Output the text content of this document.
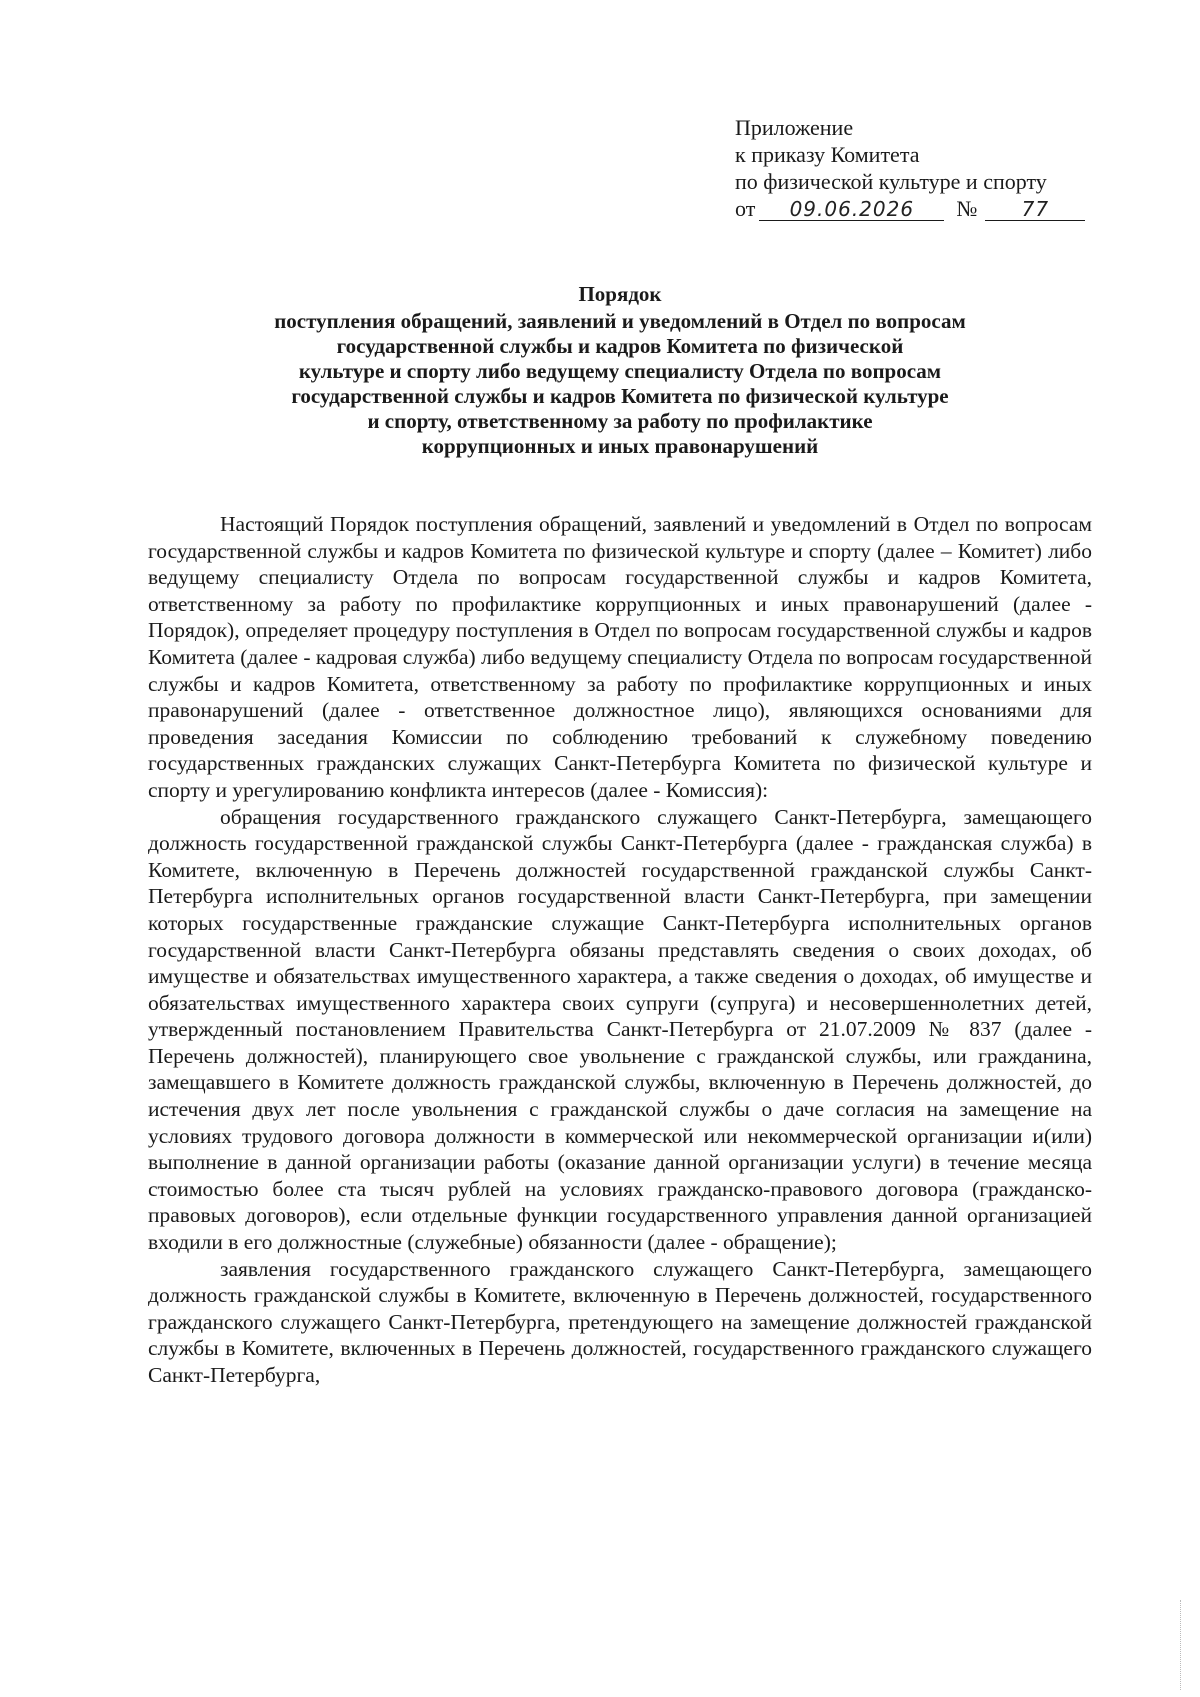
Приложение
к приказу Комитета
по физической культуре и спорту
от 09.06.2026 № 77
Порядок
поступления обращений, заявлений и уведомлений в Отдел по вопросам
государственной службы и кадров Комитета по физической
культуре и спорту либо ведущему специалисту Отдела по вопросам
государственной службы и кадров Комитета по физической культуре
и спорту, ответственному за работу по профилактике
коррупционных и иных правонарушений

Настоящий Порядок поступления обращений, заявлений и уведомлений в Отдел по вопросам государственной службы и кадров Комитета по физической культуре и спорту (далее – Комитет) либо ведущему специалисту Отдела по вопросам государственной службы и кадров Комитета, ответственному за работу по профилактике коррупционных и иных правонарушений (далее - Порядок), определяет процедуру поступления в Отдел по вопросам государственной службы и кадров Комитета (далее - кадровая служба) либо ведущему специалисту Отдела по вопросам государственной службы и кадров Комитета, ответственному за работу по профилактике коррупционных и иных правонарушений (далее - ответственное должностное лицо), являющихся основаниями для проведения заседания Комиссии по соблюдению требований к служебному поведению государственных гражданских служащих Санкт-Петербурга Комитета по физической культуре и спорту и урегулированию конфликта интересов (далее - Комиссия):

обращения государственного гражданского служащего Санкт-Петербурга, замещающего должность государственной гражданской службы Санкт-Петербурга (далее - гражданская служба) в Комитете, включенную в Перечень должностей государственной гражданской службы Санкт-Петербурга исполнительных органов государственной власти Санкт-Петербурга, при замещении которых государственные гражданские служащие Санкт-Петербурга исполнительных органов государственной власти Санкт-Петербурга обязаны представлять сведения о своих доходах, об имуществе и обязательствах имущественного характера, а также сведения о доходах, об имуществе и обязательствах имущественного характера своих супруги (супруга) и несовершеннолетних детей, утвержденный постановлением Правительства Санкт-Петербурга от 21.07.2009 № 837 (далее - Перечень должностей), планирующего свое увольнение с гражданской службы, или гражданина, замещавшего в Комитете должность гражданской службы, включенную в Перечень должностей, до истечения двух лет после увольнения с гражданской службы о даче согласия на замещение на условиях трудового договора должности в коммерческой или некоммерческой организации и(или) выполнение в данной организации работы (оказание данной организации услуги) в течение месяца стоимостью более ста тысяч рублей на условиях гражданско-правового договора (гражданско-правовых договоров), если отдельные функции государственного управления данной организацией входили в его должностные (служебные) обязанности (далее - обращение);

заявления государственного гражданского служащего Санкт-Петербурга, замещающего должность гражданской службы в Комитете, включенную в Перечень должностей, государственного гражданского служащего Санкт-Петербурга, претендующего на замещение должностей гражданской службы в Комитете, включенных в Перечень должностей, государственного гражданского служащего Санкт-Петербурга,
